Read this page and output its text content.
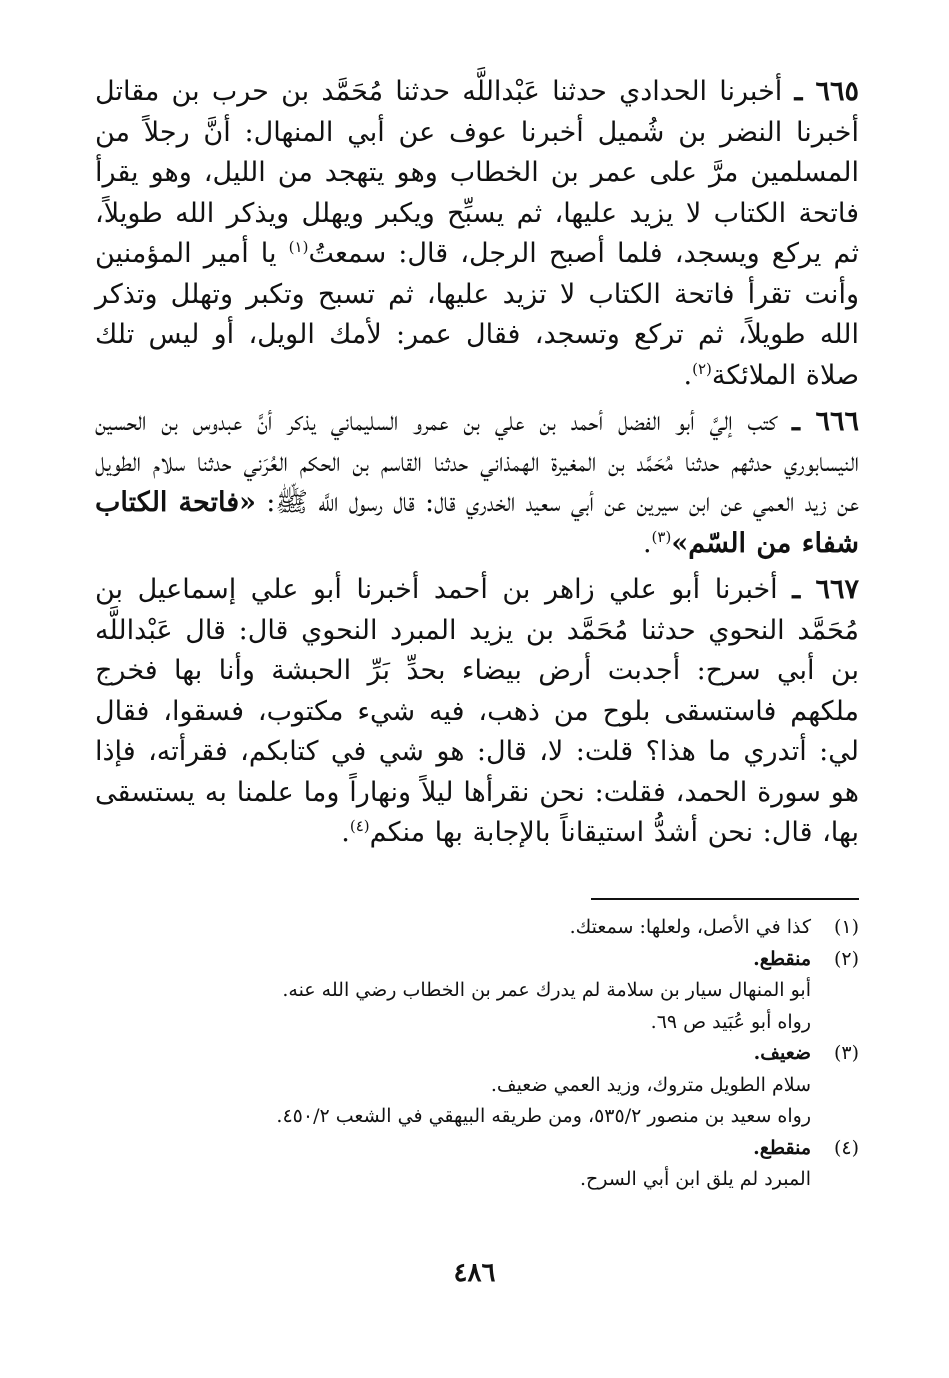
٦٦٥ ـ أخبرنا الحدادي حدثنا عَبْداللَّه حدثنا مُحَمَّد بن حرب بن مقاتل أخبرنا النضر بن شُميل أخبرنا عوف عن أبي المنهال: أنَّ رجلاً من المسلمين مرَّ على عمر بن الخطاب وهو يتهجد من الليل، وهو يقرأ فاتحة الكتاب لا يزيد عليها، ثم يسبِّح ويكبر ويهلل ويذكر الله طويلاً، ثم يركع ويسجد، فلما أصبح الرجل، قال: سمعتُ$^{(١)}$ يا أمير المؤمنين وأنت تقرأ فاتحة الكتاب لا تزيد عليها، ثم تسبح وتكبر وتهلل وتذكر الله طويلاً، ثم تركع وتسجد، فقال عمر: لأمك الويل، أو ليس تلك صلاة الملائكة$^{(٢)}$.

٦٦٦ ـ كتب إليَّ أبو الفضل أحمد بن علي بن عمرو السليماني يذكر أنَّ عبدوس بن الحسين النيسابوري حدثهم حدثنا مُحَمَّد بن المغيرة الهمذاني حدثنا القاسم بن الحكم العُرَني حدثنا سلام الطويل عن زيد العمي عن ابن سيرين عن أبي سعيد الخدري قال: قال رسول اللَّه ﷺ: «فاتحة الكتاب شفاء من السّم»$^{(٣)}$.

٦٦٧ ـ أخبرنا أبو علي زاهر بن أحمد أخبرنا أبو علي إسماعيل بن مُحَمَّد النحوي حدثنا مُحَمَّد بن يزيد المبرد النحوي قال: قال عَبْداللَّه بن أبي سرح: أجدبت أرض بيضاء بحدِّ بَرِّ الحبشة وأنا بها فخرج ملكهم فاستسقى بلوح من ذهب، فيه شيء مكتوب، فسقوا، فقال لي: أتدري ما هذا؟ قلت: لا، قال: هو شي في كتابكم، فقرأته، فإذا هو سورة الحمد، فقلت: نحن نقرأها ليلاً ونهاراً وما علمنا به يستسقى بها، قال: نحن أشدُّ استيقاناً بالإجابة بها منكم$^{(٤)}$.

(١)
كذا في الأصل، ولعلها: سمعتك.
(٢)
منقطع.
أبو المنهال سيار بن سلامة لم يدرك عمر بن الخطاب رضي الله عنه.
رواه أبو عُبَيد ص ٦٩.
(٣)
ضعيف.
سلام الطويل متروك، وزيد العمي ضعيف.
رواه سعيد بن منصور ٥٣٥/٢، ومن طريقه البيهقي في الشعب ٤٥٠/٢.
(٤)
منقطع.
المبرد لم يلق ابن أبي السرح.
٤٨٦
